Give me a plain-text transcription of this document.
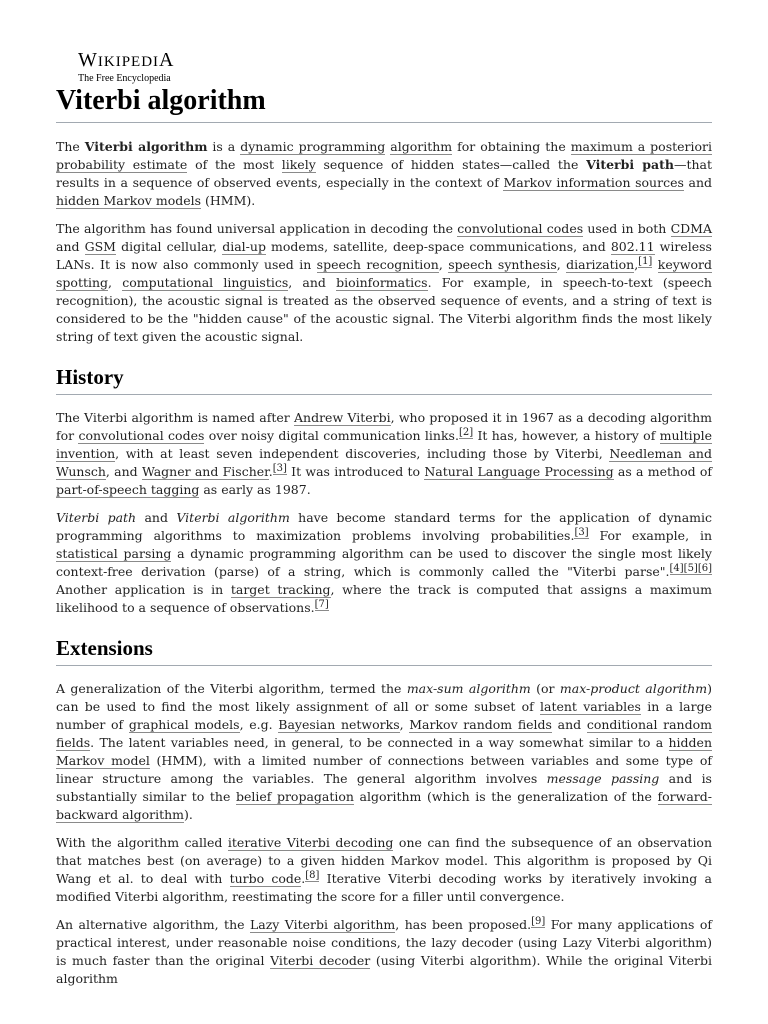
WIKIPEDIA
The Free Encyclopedia
Viterbi algorithm

The Viterbi algorithm is a dynamic programming algorithm for obtaining the maximum a posteriori probability estimate of the most likely sequence of hidden states—called the Viterbi path—that results in a sequence of observed events, especially in the context of Markov information sources and hidden Markov models (HMM).

The algorithm has found universal application in decoding the convolutional codes used in both CDMA and GSM digital cellular, dial-up modems, satellite, deep-space communications, and 802.11 wireless LANs. It is now also commonly used in speech recognition, speech synthesis, diarization,[1] keyword spotting, computational linguistics, and bioinformatics. For example, in speech-to-text (speech recognition), the acoustic signal is treated as the observed sequence of events, and a string of text is considered to be the "hidden cause" of the acoustic signal. The Viterbi algorithm finds the most likely string of text given the acoustic signal.

History

The Viterbi algorithm is named after Andrew Viterbi, who proposed it in 1967 as a decoding algorithm for convolutional codes over noisy digital communication links.[2] It has, however, a history of multiple invention, with at least seven independent discoveries, including those by Viterbi, Needleman and Wunsch, and Wagner and Fischer.[3] It was introduced to Natural Language Processing as a method of part-of-speech tagging as early as 1987.

Viterbi path and Viterbi algorithm have become standard terms for the application of dynamic programming algorithms to maximization problems involving probabilities.[3] For example, in statistical parsing a dynamic programming algorithm can be used to discover the single most likely context-free derivation (parse) of a string, which is commonly called the "Viterbi parse".[4][5][6] Another application is in target tracking, where the track is computed that assigns a maximum likelihood to a sequence of observations.[7]

Extensions

A generalization of the Viterbi algorithm, termed the max-sum algorithm (or max-product algorithm) can be used to find the most likely assignment of all or some subset of latent variables in a large number of graphical models, e.g. Bayesian networks, Markov random fields and conditional random fields. The latent variables need, in general, to be connected in a way somewhat similar to a hidden Markov model (HMM), with a limited number of connections between variables and some type of linear structure among the variables. The general algorithm involves message passing and is substantially similar to the belief propagation algorithm (which is the generalization of the forward-backward algorithm).

With the algorithm called iterative Viterbi decoding one can find the subsequence of an observation that matches best (on average) to a given hidden Markov model. This algorithm is proposed by Qi Wang et al. to deal with turbo code.[8] Iterative Viterbi decoding works by iteratively invoking a modified Viterbi algorithm, reestimating the score for a filler until convergence.

An alternative algorithm, the Lazy Viterbi algorithm, has been proposed.[9] For many applications of practical interest, under reasonable noise conditions, the lazy decoder (using Lazy Viterbi algorithm) is much faster than the original Viterbi decoder (using Viterbi algorithm). While the original Viterbi algorithm
